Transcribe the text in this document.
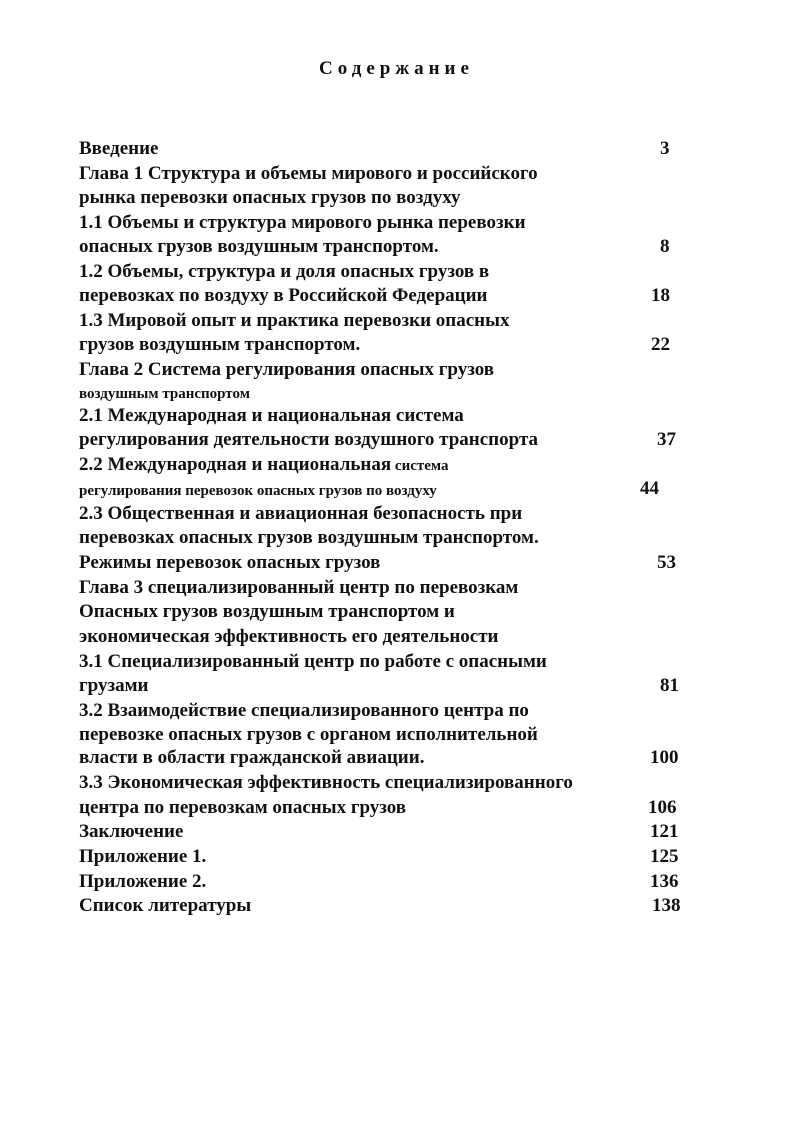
Содержание
Введение	3
Глава 1 Структура и объемы мирового и российского
рынка перевозки опасных грузов по воздуху
1.1 Объемы и структура мирового рынка перевозки
опасных грузов воздушным транспортом.	8
1.2 Объемы, структура и доля опасных грузов в
перевозках по воздуху в Российской Федерации	18
1.3 Мировой опыт и практика перевозки опасных
грузов воздушным транспортом.	22
Глава 2 Система регулирования опасных грузов
воздушным транспортом
2.1 Международная и национальная система
регулирования деятельности воздушного транспорта	37
2.2 Международная и национальная система
регулирования перевозок опасных грузов по воздуху	44
2.3 Общественная и авиационная безопасность при
перевозках опасных грузов воздушным транспортом.
Режимы перевозок опасных грузов	53
Глава 3 специализированный центр по перевозкам
Опасных грузов воздушным транспортом и
экономическая эффективность его деятельности
3.1 Специализированный центр по работе с опасными
грузами	81
3.2 Взаимодействие специализированного центра по
перевозке опасных грузов с органом исполнительной
власти в области гражданской авиации.	100
3.3 Экономическая эффективность специализированного
центра по перевозкам опасных грузов	106
Заключение	121
Приложение 1.	125
Приложение 2.	136
Список литературы	138
